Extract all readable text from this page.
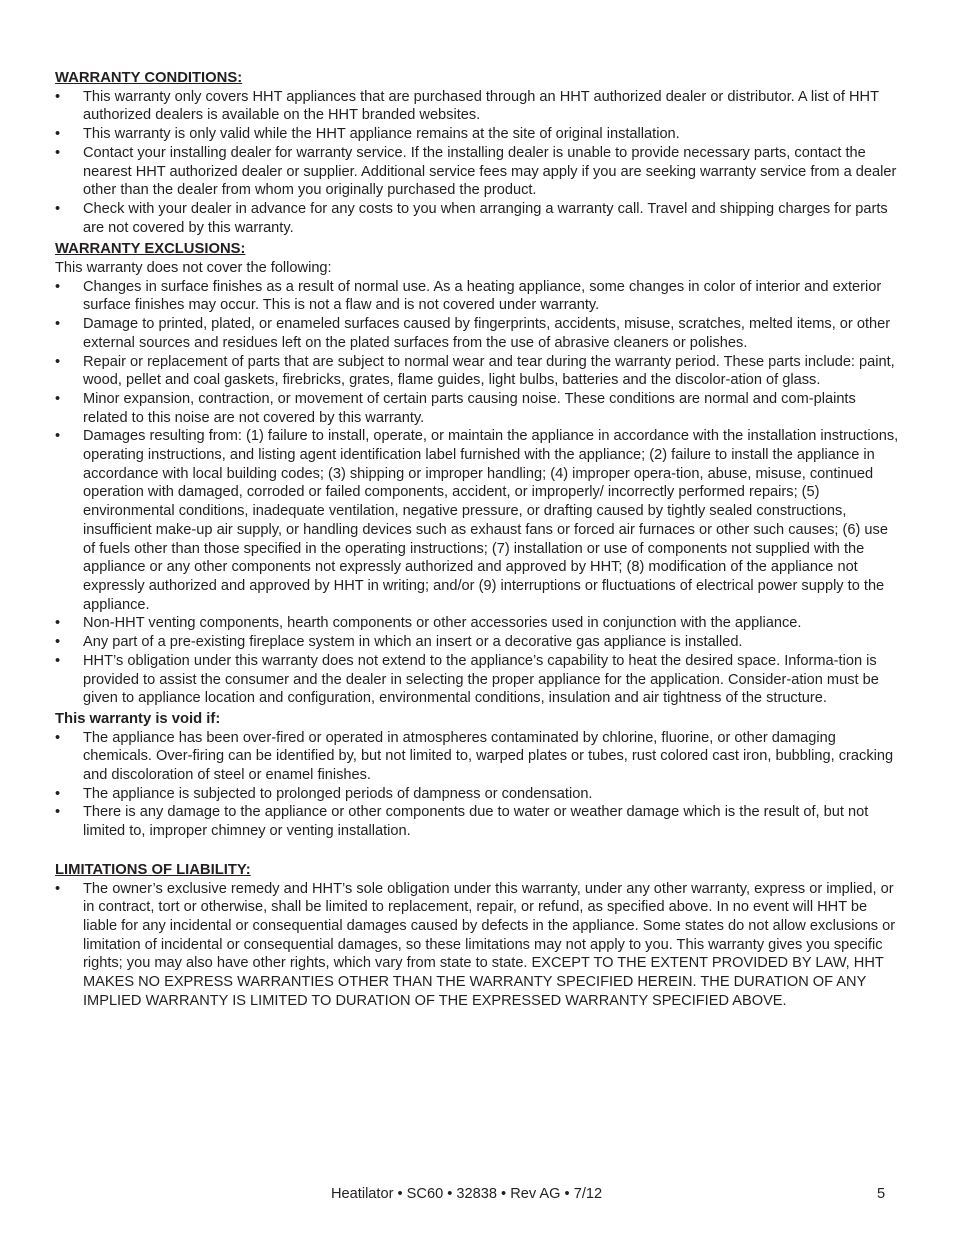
WARRANTY CONDITIONS:
• This warranty only covers HHT appliances that are purchased through an HHT authorized dealer or distributor. A list of HHT authorized dealers is available on the HHT branded websites.
• This warranty is only valid while the HHT appliance remains at the site of original installation.
• Contact your installing dealer for warranty service. If the installing dealer is unable to provide necessary parts, contact the nearest HHT authorized dealer or supplier. Additional service fees may apply if you are seeking warranty service from a dealer other than the dealer from whom you originally purchased the product.
• Check with your dealer in advance for any costs to you when arranging a warranty call. Travel and shipping charges for parts are not covered by this warranty.
WARRANTY EXCLUSIONS:

This warranty does not cover the following:

• Changes in surface finishes as a result of normal use. As a heating appliance, some changes in color of interior and exterior surface finishes may occur. This is not a flaw and is not covered under warranty.
• Damage to printed, plated, or enameled surfaces caused by fingerprints, accidents, misuse, scratches, melted items, or other external sources and residues left on the plated surfaces from the use of abrasive cleaners or polishes.
• Repair or replacement of parts that are subject to normal wear and tear during the warranty period. These parts include: paint, wood, pellet and coal gaskets, firebricks, grates, flame guides, light bulbs, batteries and the discolor-ation of glass.
• Minor expansion, contraction, or movement of certain parts causing noise. These conditions are normal and com-plaints related to this noise are not covered by this warranty.
• Damages resulting from: (1) failure to install, operate, or maintain the appliance in accordance with the installation instructions, operating instructions, and listing agent identification label furnished with the appliance; (2) failure to install the appliance in accordance with local building codes; (3) shipping or improper handling; (4) improper opera-tion, abuse, misuse, continued operation with damaged, corroded or failed components, accident, or improperly/ incorrectly performed repairs; (5) environmental conditions, inadequate ventilation, negative pressure, or drafting caused by tightly sealed constructions, insufficient make-up air supply, or handling devices such as exhaust fans or forced air furnaces or other such causes; (6) use of fuels other than those specified in the operating instructions; (7) installation or use of components not supplied with the appliance or any other components not expressly authorized and approved by HHT; (8) modification of the appliance not expressly authorized and approved by HHT in writing; and/or (9) interruptions or fluctuations of electrical power supply to the appliance.
• Non-HHT venting components, hearth components or other accessories used in conjunction with the appliance.
• Any part of a pre-existing fireplace system in which an insert or a decorative gas appliance is installed.
• HHT’s obligation under this warranty does not extend to the appliance’s capability to heat the desired space. Informa-tion is provided to assist the consumer and the dealer in selecting the proper appliance for the application. Consider-ation must be given to appliance location and configuration, environmental conditions, insulation and air tightness of the structure.
This warranty is void if:
• The appliance has been over-fired or operated in atmospheres contaminated by chlorine, fluorine, or other damaging chemicals. Over-firing can be identified by, but not limited to, warped plates or tubes, rust colored cast iron, bubbling, cracking and discoloration of steel or enamel finishes.
• The appliance is subjected to prolonged periods of dampness or condensation.
• There is any damage to the appliance or other components due to water or weather damage which is the result of, but not limited to, improper chimney or venting installation.
LIMITATIONS OF LIABILITY:
• The owner’s exclusive remedy and HHT’s sole obligation under this warranty, under any other warranty, express or implied, or in contract, tort or otherwise, shall be limited to replacement, repair, or refund, as specified above. In no event will HHT be liable for any incidental or consequential damages caused by defects in the appliance. Some states do not allow exclusions or limitation of incidental or consequential damages, so these limitations may not apply to you. This warranty gives you specific rights; you may also have other rights, which vary from state to state. EXCEPT TO THE EXTENT PROVIDED BY LAW, HHT MAKES NO EXPRESS WARRANTIES OTHER THAN THE WARRANTY SPECIFIED HEREIN. THE DURATION OF ANY IMPLIED WARRANTY IS LIMITED TO DURATION OF THE EXPRESSED WARRANTY SPECIFIED ABOVE.
Heatilator • SC60 • 32838 • Rev AG • 7/12	5
